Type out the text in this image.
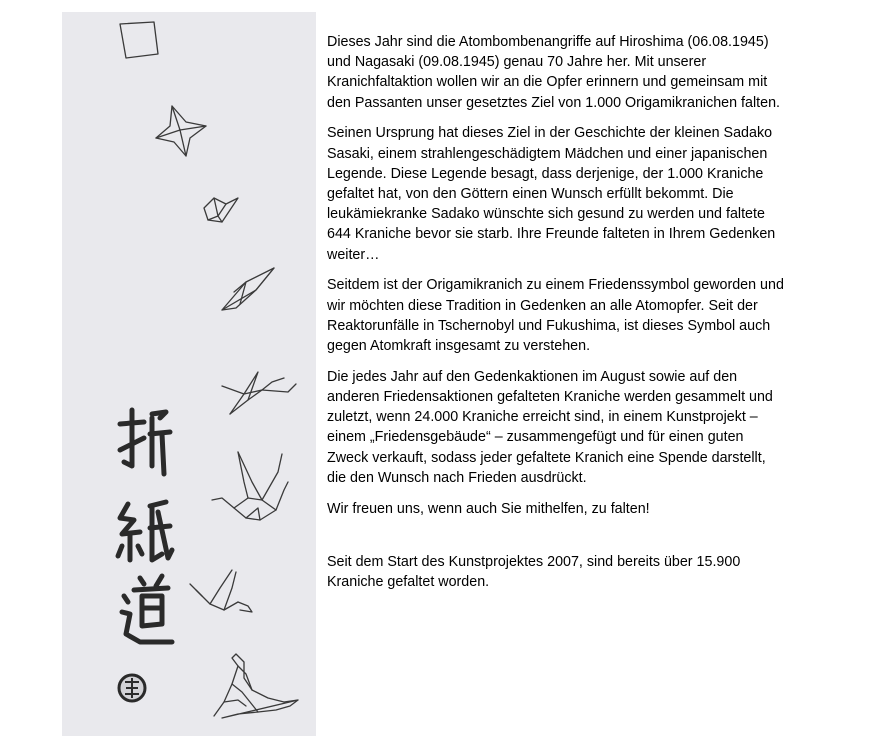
Dieses Jahr sind die Atombombenangriffe auf Hiroshima (06.08.1945) und Nagasaki (09.08.1945) genau 70 Jahre her. Mit unserer Kranichfaltaktion wollen wir an die Opfer erinnern und gemeinsam mit den Passanten unser gesetztes Ziel von 1.000 Origamikranichen falten.

Seinen Ursprung hat dieses Ziel in der Geschichte der kleinen Sadako Sasaki, einem strahlengeschädigtem Mädchen und einer japanischen Legende. Diese Legende besagt, dass derjenige, der 1.000 Kraniche gefaltet hat, von den Göttern einen Wunsch erfüllt bekommt. Die leukämiekranke Sadako wünschte sich gesund zu werden und faltete 644 Kraniche bevor sie starb. Ihre Freunde falteten in Ihrem Gedenken weiter…

Seitdem ist der Origamikranich zu einem Friedenssymbol geworden und wir möchten diese Tradition in Gedenken an alle Atomopfer. Seit der Reaktorunfälle in Tschernobyl und Fukushima, ist dieses Symbol auch gegen Atomkraft insgesamt zu verstehen.

Die jedes Jahr auf den Gedenkaktionen im August sowie auf den anderen Friedensaktionen gefalteten Kraniche werden gesammelt und zuletzt, wenn 24.000 Kraniche erreicht sind, in einem Kunstprojekt – einem „Friedensgebäude“ – zusammengefügt und für einen guten Zweck verkauft, sodass jeder gefaltete Kranich eine Spende darstellt, die den Wunsch nach Frieden ausdrückt.

Wir freuen uns, wenn auch Sie mithelfen, zu falten!

Seit dem Start des Kunstprojektes 2007, sind bereits über 15.900 Kraniche gefaltet worden.
